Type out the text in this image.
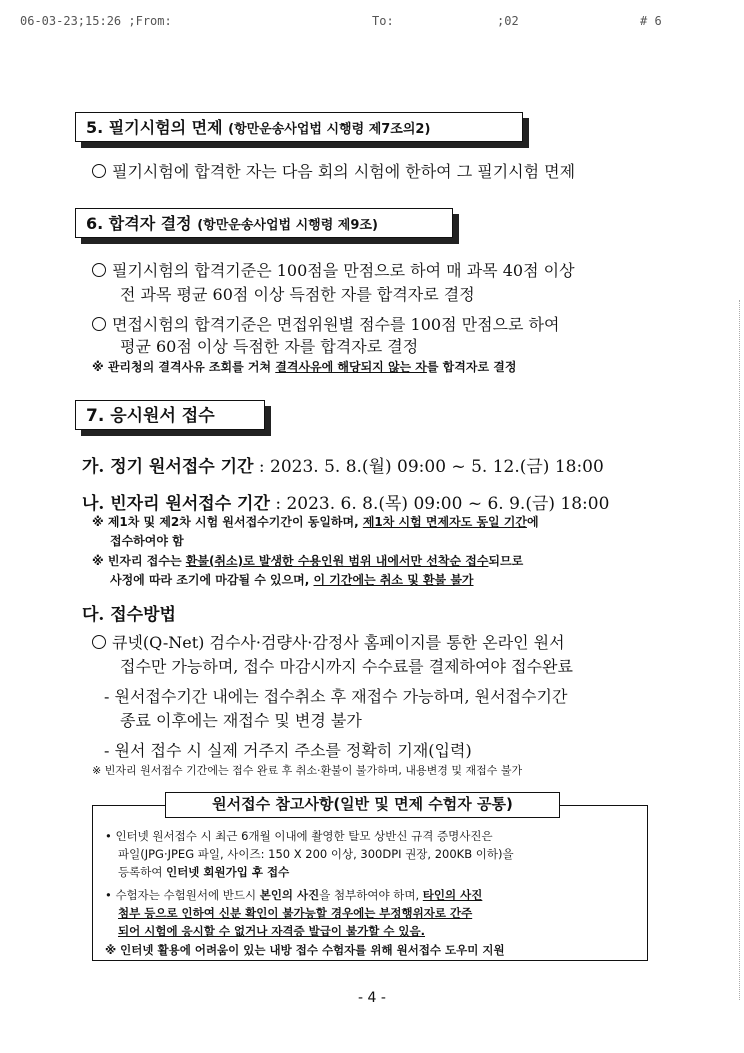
06-03-23;15:26 ;From:	To:	;02	# 6
5. 필기시험의 면제 (항만운송사업법 시행령 제7조의2)
필기시험에 합격한 자는 다음 회의 시험에 한하여 그 필기시험 면제
6. 합격자 결정 (항만운송사업법 시행령 제9조)
필기시험의 합격기준은 100점을 만점으로 하여 매 과목 40점 이상
전 과목 평균 60점 이상 득점한 자를 합격자로 결정
면접시험의 합격기준은 면접위원별 점수를 100점 만점으로 하여
평균 60점 이상 득점한 자를 합격자로 결정
※ 관리청의 결격사유 조회를 거쳐 결격사유에 해당되지 않는 자를 합격자로 결정
7. 응시원서 접수
가. 정기 원서접수 기간 : 2023. 5. 8.(월) 09:00 ~ 5. 12.(금) 18:00
나. 빈자리 원서접수 기간 : 2023. 6. 8.(목) 09:00 ~ 6. 9.(금) 18:00
※ 제1차 및 제2차 시험 원서접수기간이 동일하며, 제1차 시험 면제자도 동일 기간에
접수하여야 함
※ 빈자리 접수는 환불(취소)로 발생한 수용인원 범위 내에서만 선착순 접수되므로
사정에 따라 조기에 마감될 수 있으며, 이 기간에는 취소 및 환불 불가
다. 접수방법
큐넷(Q-Net) 검수사·검량사·감정사 홈페이지를 통한 온라인 원서
접수만 가능하며, 접수 마감시까지 수수료를 결제하여야 접수완료
- 원서접수기간 내에는 접수취소 후 재접수 가능하며, 원서접수기간
종료 이후에는 재접수 및 변경 불가
- 원서 접수 시 실제 거주지 주소를 정확히 기재(입력)
※ 빈자리 원서접수 기간에는 접수 완료 후 취소·환불이 불가하며, 내용변경 및 재접수 불가
원서접수 참고사항(일반 및 면제 수험자 공통)
• 인터넷 원서접수 시 최근 6개월 이내에 촬영한 탈모 상반신 규격 증명사진은
파일(JPG·JPEG 파일, 사이즈: 150 X 200 이상, 300DPI 권장, 200KB 이하)을
등록하여 인터넷 회원가입 후 접수
• 수험자는 수험원서에 반드시 본인의 사진을 첨부하여야 하며, 타인의 사진
첨부 등으로 인하여 신분 확인이 불가능할 경우에는 부정행위자로 간주
되어 시험에 응시할 수 없거나 자격증 발급이 불가할 수 있음.
※ 인터넷 활용에 어려움이 있는 내방 접수 수험자를 위해 원서접수 도우미 지원
- 4 -
